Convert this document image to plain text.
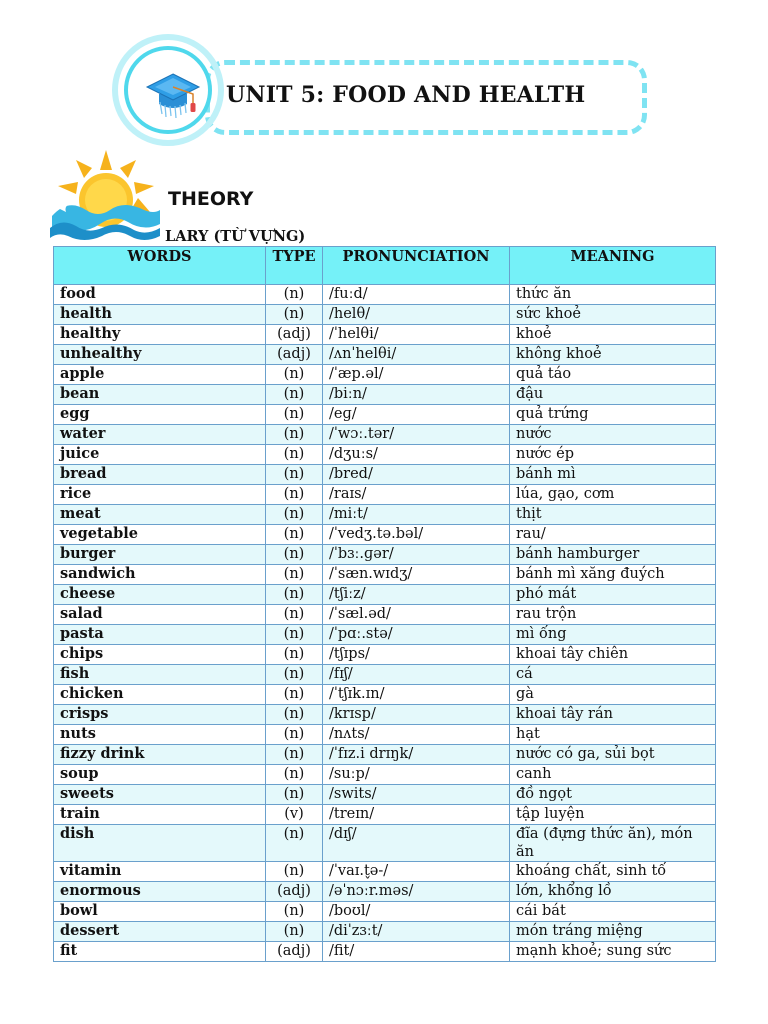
UNIT 5: FOOD AND HEALTH
THEORY
LARY (TỪ VỰNG)
WORDS	TYPE	PRONUNCIATION	MEANING
food	(n)	/fuːd/	thức ăn
health	(n)	/helθ/	sức khoẻ
healthy	(adj)	/ˈhelθi/	khoẻ
unhealthy	(adj)	/ʌnˈhelθi/	không khoẻ
apple	(n)	/ˈæp.əl/	quả táo
bean	(n)	/biːn/	đậu
egg	(n)	/eɡ/	quả trứng
water	(n)	/ˈwɔː.tər/	nước
juice	(n)	/dʒuːs/	nước ép
bread	(n)	/bred/	bánh mì
rice	(n)	/raɪs/	lúa, gạo, cơm
meat	(n)	/miːt/	thịt
vegetable	(n)	/ˈvedʒ.tə.bəl/	rau/
burger	(n)	/ˈbɜː.ɡər/	bánh hamburger
sandwich	(n)	/ˈsæn.wɪdʒ/	bánh mì xăng đuých
cheese	(n)	/tʃiːz/	phó mát
salad	(n)	/ˈsæl.əd/	rau trộn
pasta	(n)	/ˈpɑː.stə/	mì ống
chips	(n)	/tʃɪps/	khoai tây chiên
fish	(n)	/fɪʃ/	cá
chicken	(n)	/ˈtʃɪk.ɪn/	gà
crisps	(n)	/krɪsp/	khoai tây rán
nuts	(n)	/nʌts/	hạt
fizzy drink	(n)	/ˈfɪz.i drɪŋk/	nước có ga, sủi bọt
soup	(n)	/suːp/	canh
sweets	(n)	/swits/	đồ ngọt
train	(v)	/treɪn/	tập luyện
dish	(n)	/dɪʃ/	đĩa (đựng thức ăn), món ăn
vitamin	(n)	/ˈvaɪ.t̬ə-/	khoáng chất, sinh tố
enormous	(adj)	/əˈnɔːr.məs/	lớn, khổng lồ
bowl	(n)	/boʊl/	cái bát
dessert	(n)	/diˈzɜːt/	món tráng miệng
fit	(adj)	/fit/	mạnh khoẻ; sung sức
